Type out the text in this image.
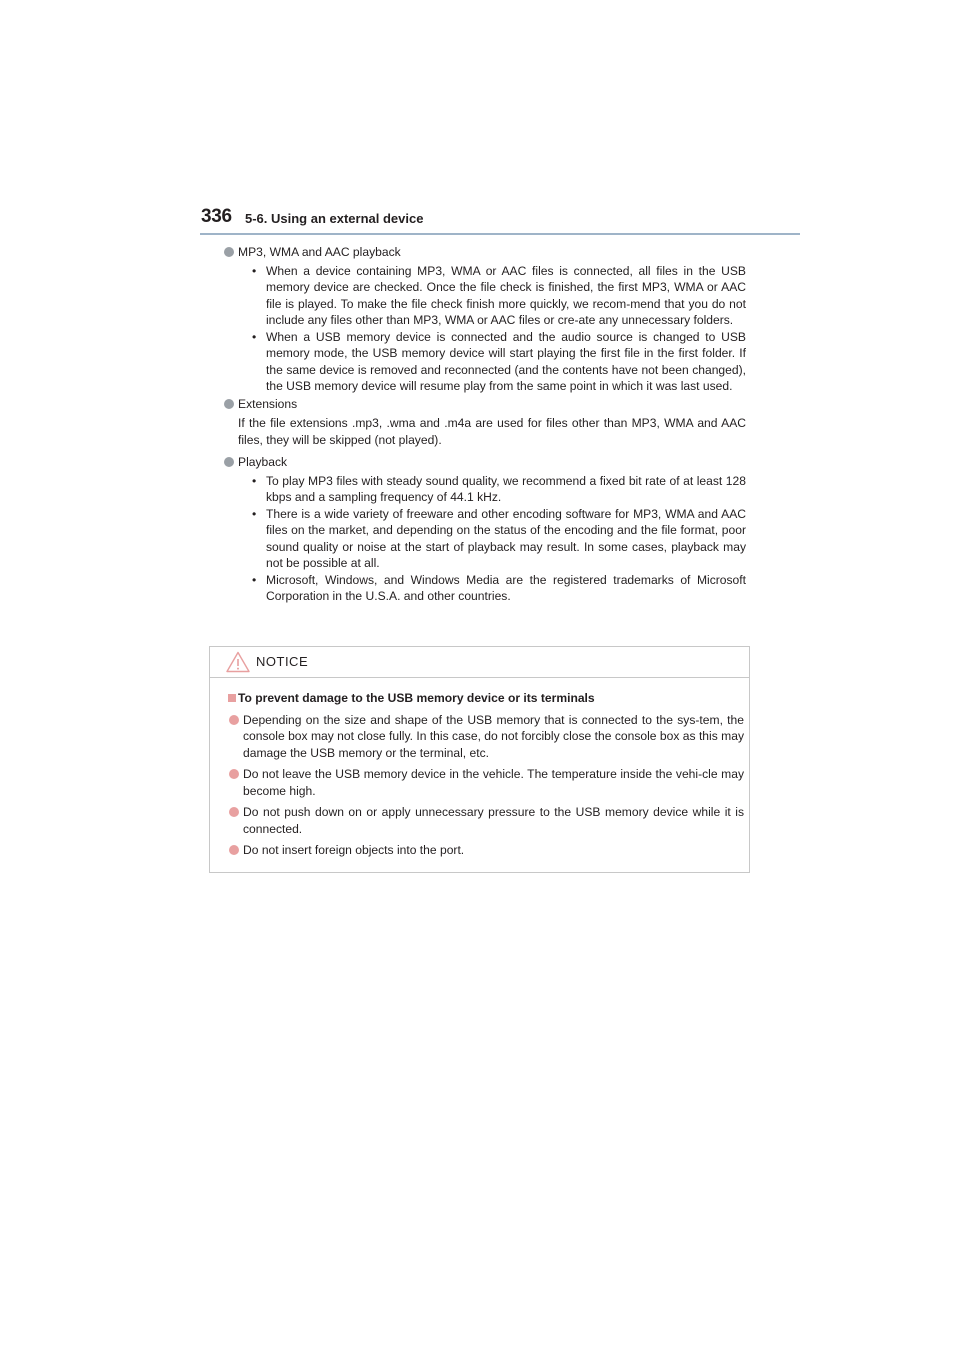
336 5-6. Using an external device
MP3, WMA and AAC playback
• When a device containing MP3, WMA or AAC files is connected, all files in the USB memory device are checked. Once the file check is finished, the first MP3, WMA or AAC file is played. To make the file check finish more quickly, we recom-mend that you do not include any files other than MP3, WMA or AAC files or cre-ate any unnecessary folders.
• When a USB memory device is connected and the audio source is changed to USB memory mode, the USB memory device will start playing the first file in the first folder. If the same device is removed and reconnected (and the contents have not been changed), the USB memory device will resume play from the same point in which it was last used.
Extensions
If the file extensions .mp3, .wma and .m4a are used for files other than MP3, WMA and AAC files, they will be skipped (not played).
Playback
• To play MP3 files with steady sound quality, we recommend a fixed bit rate of at least 128 kbps and a sampling frequency of 44.1 kHz.
• There is a wide variety of freeware and other encoding software for MP3, WMA and AAC files on the market, and depending on the status of the encoding and the file format, poor sound quality or noise at the start of playback may result. In some cases, playback may not be possible at all.
• Microsoft, Windows, and Windows Media are the registered trademarks of Microsoft Corporation in the U.S.A. and other countries.
NOTICE
To prevent damage to the USB memory device or its terminals
Depending on the size and shape of the USB memory that is connected to the sys-tem, the console box may not close fully. In this case, do not forcibly close the console box as this may damage the USB memory or the terminal, etc.
Do not leave the USB memory device in the vehicle. The temperature inside the vehi-cle may become high.
Do not push down on or apply unnecessary pressure to the USB memory device while it is connected.
Do not insert foreign objects into the port.
